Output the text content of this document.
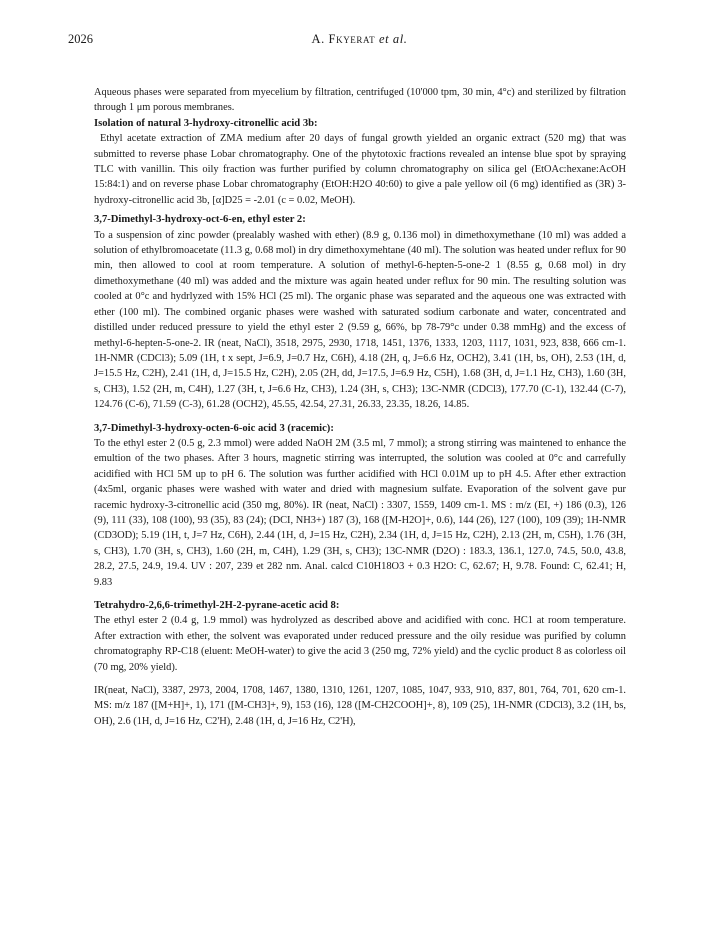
2026	A. Fkyerat et al.

Aqueous phases were separated from myecelium by filtration, centrifuged (10'000 tpm, 30 min, 4°c) and sterilized by filtration through 1 μm porous membranes.

Isolation of natural 3-hydroxy-citronellic acid 3b:

Ethyl acetate extraction of ZMA medium after 20 days of fungal growth yielded an organic extract (520 mg) that was submitted to reverse phase Lobar chromatography. One of the phytotoxic fractions revealed an intense blue spot by spraying TLC with vanillin. This oily fraction was further purified by column chromatography on silica gel (EtOAc:hexane:AcOH 15:84:1) and on reverse phase Lobar chromatography (EtOH:H2O 40:60) to give a pale yellow oil (6 mg) identified as (3R) 3-hydroxy-citronellic acid 3b, [α]D25 = -2.01 (c = 0.02, MeOH).

3,7-Dimethyl-3-hydroxy-oct-6-en, ethyl ester 2:

To a suspension of zinc powder (prealably washed with ether) (8.9 g, 0.136 mol) in dimethoxymethane (10 ml) was added a solution of ethylbromoacetate (11.3 g, 0.68 mol) in dry dimethoxymehtane (40 ml). The solution was heated under reflux for 90 min, then allowed to cool at room temperature. A solution of methyl-6-hepten-5-one-2 1 (8.55 g, 0.68 mol) in dry dimethoxymethane (40 ml) was added and the mixture was again heated under reflux for 90 min. The resulting solution was cooled at 0°c and hydrlyzed with 15% HCl (25 ml). The organic phase was separated and the aqueous one was extracted with ether (100 ml). The combined organic phases were washed with saturated sodium carbonate and water, concentrated and distilled under reduced pressure to yield the ethyl ester 2 (9.59 g, 66%, bp 78-79°c under 0.38 mmHg) and the excess of methyl-6-hepten-5-one-2. IR (neat, NaCl), 3518, 2975, 2930, 1718, 1451, 1376, 1333, 1203, 1117, 1031, 923, 838, 666 cm-1. 1H-NMR (CDCl3); 5.09 (1H, t x sept, J=6.9, J=0.7 Hz, C6H), 4.18 (2H, q, J=6.6 Hz, OCH2), 3.41 (1H, bs, OH), 2.53 (1H, d, J=15.5 Hz, C2H), 2.41 (1H, d, J=15.5 Hz, C2H), 2.05 (2H, dd, J=17.5, J=6.9 Hz, C5H), 1.68 (3H, d, J=1.1 Hz, CH3), 1.60 (3H, s, CH3), 1.52 (2H, m, C4H), 1.27 (3H, t, J=6.6 Hz, CH3), 1.24 (3H, s, CH3); 13C-NMR (CDCl3), 177.70 (C-1), 132.44 (C-7), 124.76 (C-6), 71.59 (C-3), 61.28 (OCH2), 45.55, 42.54, 27.31, 26.33, 23.35, 18.26, 14.85.

3,7-Dimethyl-3-hydroxy-octen-6-oic acid 3 (racemic):

To the ethyl ester 2 (0.5 g, 2.3 mmol) were added NaOH 2M (3.5 ml, 7 mmol); a strong stirring was maintened to enhance the emultion of the two phases. After 3 hours, magnetic stirring was interrupted, the solution was cooled at 0°c and carrefully acidified with HCl 5M up to pH 6. The solution was further acidified with HCl 0.01M up to pH 4.5. After ether extraction (4x5ml, organic phases were washed with water and dried with magnesium sulfate. Evaporation of the solvent gave pur racemic hydroxy-3-citronellic acid (350 mg, 80%). IR (neat, NaCl) : 3307, 1559, 1409 cm-1. MS : m/z (EI, +) 186 (0.3), 126 (9), 111 (33), 108 (100), 93 (35), 83 (24); (DCI, NH3+) 187 (3), 168 ([M-H2O]+, 0.6), 144 (26), 127 (100), 109 (39); 1H-NMR (CD3OD); 5.19 (1H, t, J=7 Hz, C6H), 2.44 (1H, d, J=15 Hz, C2H), 2.34 (1H, d, J=15 Hz, C2H), 2.13 (2H, m, C5H), 1.76 (3H, s, CH3), 1.70 (3H, s, CH3), 1.60 (2H, m, C4H), 1.29 (3H, s, CH3); 13C-NMR (D2O) : 183.3, 136.1, 127.0, 74.5, 50.0, 43.8, 28.2, 27.5, 24.9, 19.4. UV : 207, 239 et 282 nm. Anal. calcd C10H18O3 + 0.3 H2O: C, 62.67; H, 9.78. Found: C, 62.41; H, 9.83

Tetrahydro-2,6,6-trimethyl-2H-2-pyrane-acetic acid 8:

The ethyl ester 2 (0.4 g, 1.9 mmol) was hydrolyzed as described above and acidified with conc. HC1 at room temperature. After extraction with ether, the solvent was evaporated under reduced pressure and the oily residue was purified by column chromatography RP-C18 (eluent: MeOH-water) to give the acid 3 (250 mg, 72% yield) and the cyclic product 8 as colorless oil (70 mg, 20% yield).

IR(neat, NaCl), 3387, 2973, 2004, 1708, 1467, 1380, 1310, 1261, 1207, 1085, 1047, 933, 910, 837, 801, 764, 701, 620 cm-1. MS: m/z 187 ([M+H]+, 1), 171 ([M-CH3]+, 9), 153 (16), 128 ([M-CH2COOH]+, 8), 109 (25), 1H-NMR (CDCl3), 3.2 (1H, bs, OH), 2.6 (1H, d, J=16 Hz, C2'H), 2.48 (1H, d, J=16 Hz, C2'H),
